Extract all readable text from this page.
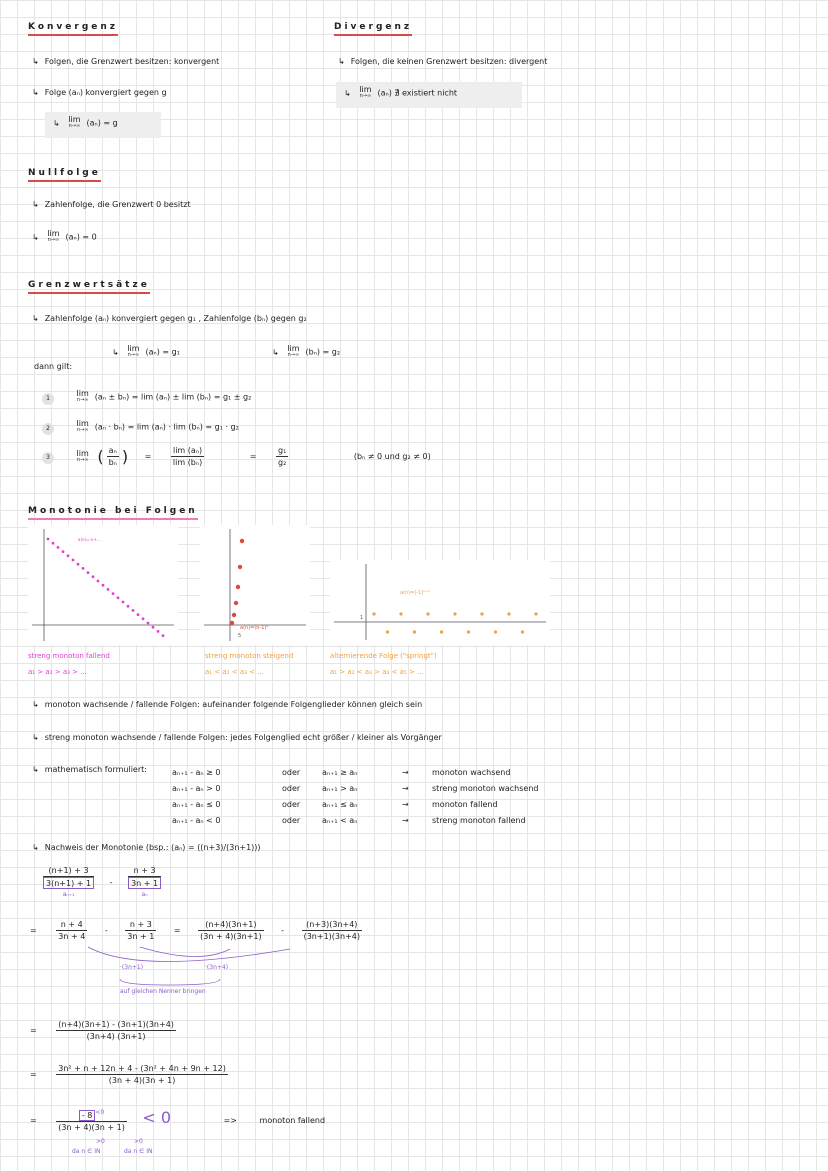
Konvergenz
↳ Folgen, die Grenzwert besitzen: konvergent
↳ Folge (aₙ) konvergiert gegen g
↳ lim
n→∞ (aₙ) = g
Divergenz
↳ Folgen, die keinen Grenzwert besitzen: divergent
↳ lim
n→∞ (aₙ) ∄ existiert nicht
Nullfolge
↳ Zahlenfolge, die Grenzwert 0 besitzt
↳ lim
n→∞ (aₙ) = 0
Grenzwertsätze
↳ Zahlenfolge (aₙ) konvergiert gegen g₁ , Zahlenfolge (bₙ) gegen g₂
↳ lim
n→∞ (aₙ) = g₁	↳ lim
n→∞ (bₙ) = g₂
dann gilt:
1	lim
n→∞ (aₙ ± bₙ) = lim (aₙ) ± lim (bₙ) = g₁ ± g₂
2	lim
n→∞ (aₙ · bₙ) = lim (aₙ) · lim (bₙ) = g₁ · g₂
3	lim
n→∞ ( $\frac{\text{aₙ}}{\text{bₙ}}$ ) = $\frac{\text{lim (aₙ)}}{\text{lim (bₙ)}}$	= $\frac{\text{g₁}}{\text{g₂}}$	(bₙ ≠ 0 und g₂ ≠ 0)
Monotonie bei Folgen
a(n)=-n+...
streng monoton fallend
a₁ > a₂ > a₃ > ...
a(n)=(n-1)²
5
streng monoton steigend
a₁ < a₂ < a₃ < ...
a(n)=(-1)ⁿ⁺¹
1
alternierende Folge ("springt")
a₁ > a₂ < a₃ > a₄ < a₅ > ...
↳ monoton wachsende / fallende Folgen: aufeinander folgende Folgenglieder können gleich sein
↳ streng monoton wachsende / fallende Folgen: jedes Folgenglied echt größer / kleiner als Vorgänger
↳ mathematisch formuliert:	aₙ₊₁ - aₙ ≥ 0	oder	aₙ₊₁ ≥ aₙ	→	monoton wachsend
aₙ₊₁ - aₙ > 0	oder	aₙ₊₁ > aₙ	→	streng monoton wachsend
aₙ₊₁ - aₙ ≤ 0	oder	aₙ₊₁ ≤ aₙ	→	monoton fallend
aₙ₊₁ - aₙ < 0	oder	aₙ₊₁ < aₙ	→	streng monoton fallend
↳ Nachweis der Monotonie (bsp.: (aₙ) = ((n+3)/(3n+1)))
(n+1) + 3
3(n+1) + 1
aₙ₊₁ -
n + 3
3n + 1
aₙ
= $\frac{n + 4}{3n + 4} - \frac{n + 3}{3n + 1} = \frac{(n+4)(3n+1)}{(3n + 4)(3n+1)} - \frac{(n+3)(3n+4)}{(3n+1)(3n+4)}$
·(3n+1)	·(3n+4)
auf gleichen Nenner bringen
= $\frac{(n+4)(3n+1) - (3n+1)(3n+4)}{(3n+4) (3n+1)}$
= $\frac{\text{3n² + n + 12n + 4 - (3n² + 4n + 9n + 12)}}{(3n + 4)(3n + 1)}$
= $\frac{- 8 ^{<0}}{(3n + 4)(3n + 1)} < 0$	=>	monoton fallend
>0	>0
da n ∈ IN	da n ∈ IN
